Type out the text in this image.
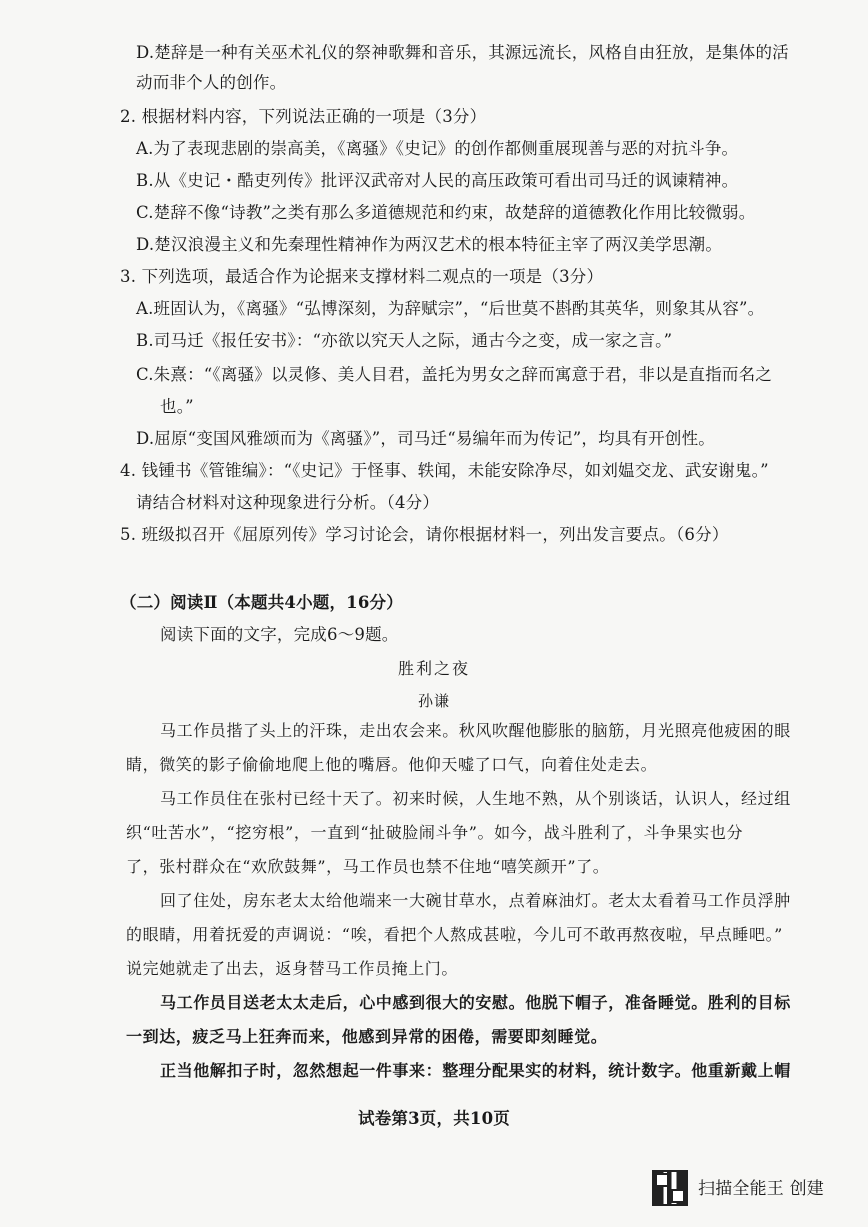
D.楚辞是一种有关巫术礼仪的祭神歌舞和音乐，其源远流长，风格自由狂放，是集体的活
动而非个人的创作。
2. 根据材料内容，下列说法正确的一项是（3分）
A.为了表现悲剧的崇高美，《离骚》《史记》的创作都侧重展现善与恶的对抗斗争。
B.从《史记・酷吏列传》批评汉武帝对人民的高压政策可看出司马迁的讽谏精神。
C.楚辞不像“诗教”之类有那么多道德规范和约束，故楚辞的道德教化作用比较微弱。
D.楚汉浪漫主义和先秦理性精神作为两汉艺术的根本特征主宰了两汉美学思潮。
3. 下列选项，最适合作为论据来支撑材料二观点的一项是（3分）
A.班固认为，《离骚》“弘博深刻，为辞赋宗”，“后世莫不斟酌其英华，则象其从容”。
B.司马迁《报任安书》：“亦欲以究天人之际，通古今之变，成一家之言。”
C.朱熹：“《离骚》以灵修、美人目君，盖托为男女之辞而寓意于君，非以是直指而名之
也。”
D.屈原“变国风雅颂而为《离骚》”，司马迁“易编年而为传记”，均具有开创性。
4. 钱锺书《管锥编》：“《史记》于怪事、轶闻，未能安除净尽，如刘媪交龙、武安谢鬼。”
请结合材料对这种现象进行分析。（4分）
5. 班级拟召开《屈原列传》学习讨论会，请你根据材料一，列出发言要点。（6分）
（二）阅读Ⅱ（本题共4小题，16分）
阅读下面的文字，完成6～9题。
胜利之夜
孙谦
马工作员揩了头上的汗珠，走出农会来。秋风吹醒他膨胀的脑筋，月光照亮他疲困的眼
睛，微笑的影子偷偷地爬上他的嘴唇。他仰天嘘了口气，向着住处走去。
马工作员住在张村已经十天了。初来时候，人生地不熟，从个别谈话，认识人，经过组
织“吐苦水”，“挖穷根”，一直到“扯破脸闹斗争”。如今，战斗胜利了，斗争果实也分
了，张村群众在“欢欣鼓舞”，马工作员也禁不住地“嘻笑颜开”了。
回了住处，房东老太太给他端来一大碗甘草水，点着麻油灯。老太太看着马工作员浮肿
的眼睛，用着抚爱的声调说：“唉，看把个人熬成甚啦，今儿可不敢再熬夜啦，早点睡吧。”
说完她就走了出去，返身替马工作员掩上门。
马工作员目送老太太走后，心中感到很大的安慰。他脱下帽子，准备睡觉。胜利的目标
一到达，疲乏马上狂奔而来，他感到异常的困倦，需要即刻睡觉。
正当他解扣子时，忽然想起一件事来：整理分配果实的材料，统计数字。他重新戴上帽
试卷第3页，共10页
扫描全能王 创建
